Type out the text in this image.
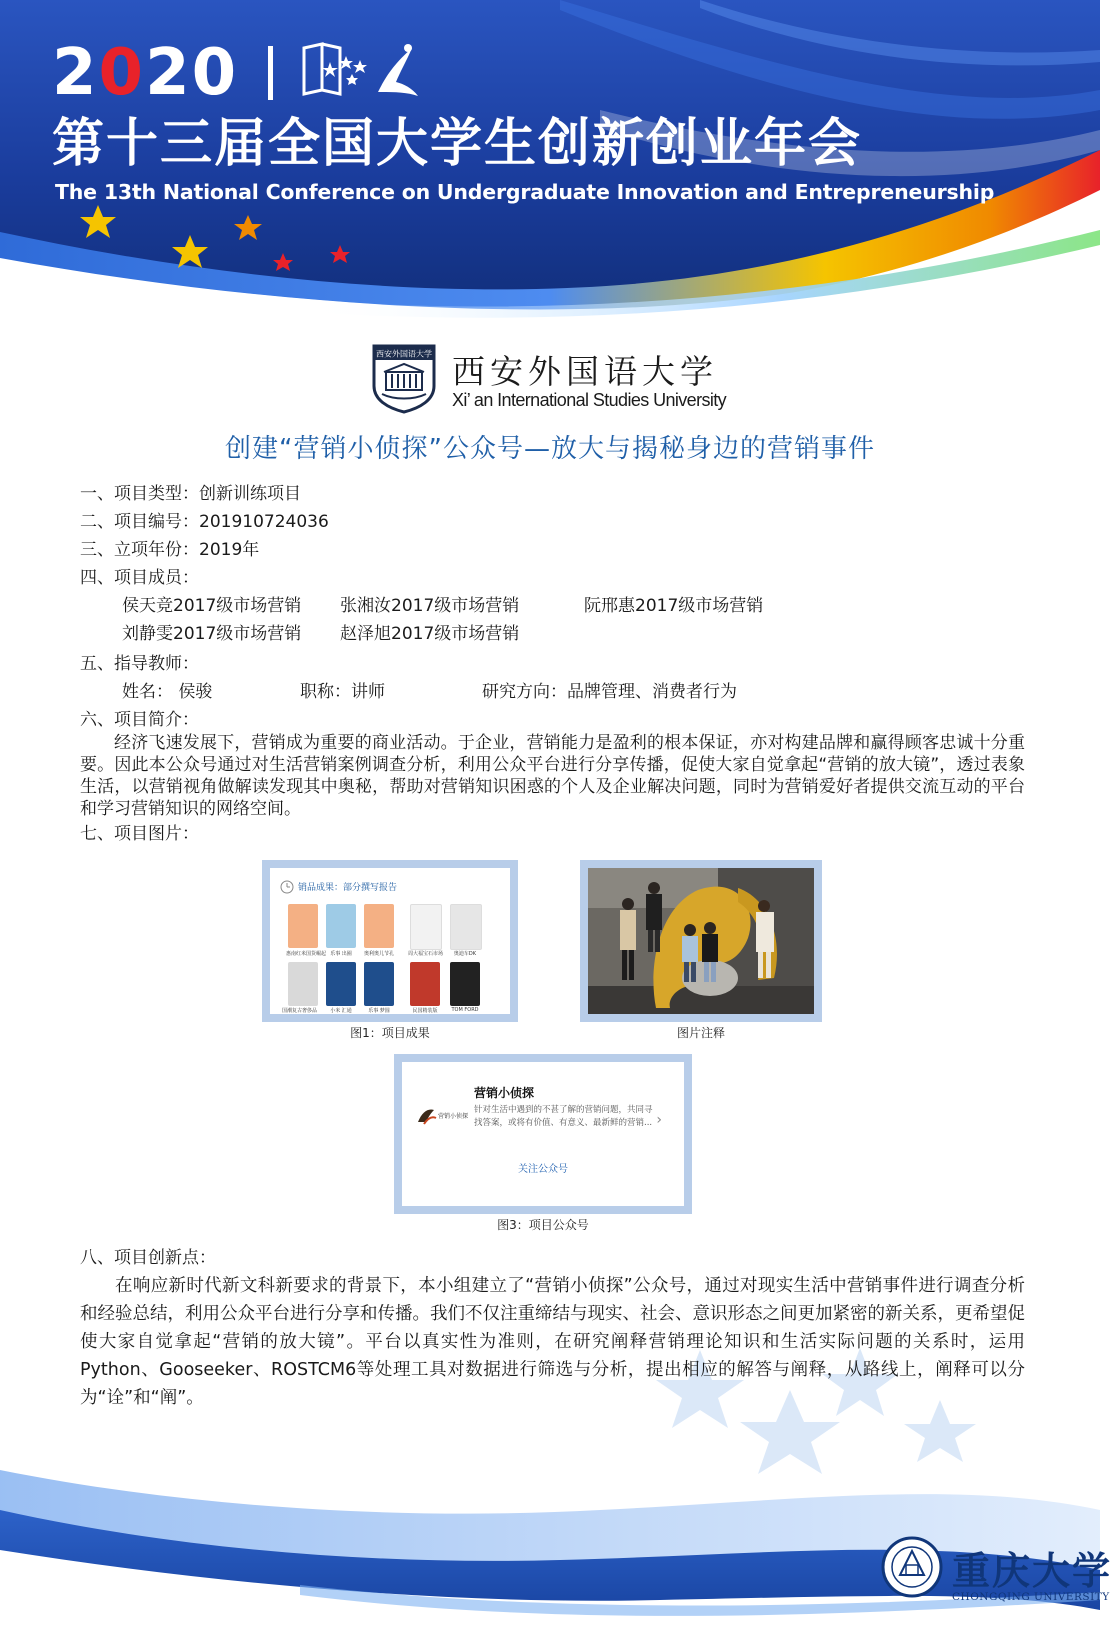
2020
第十三届全国大学生创新创业年会
The 13th National Conference on Undergraduate Innovation and Entrepreneurship
西安外国语大学 西安外国语大学
Xi’ an International Studies University
创建“营销小侦探”公众号—放大与揭秘身边的营销事件
一、项目类型：创新训练项目
二、项目编号：201910724036
三、立项年份：2019年
四、项目成员：
侯天竞2017级市场营销 张湘汝2017级市场营销	阮邢惠2017级市场营销
刘静雯2017级市场营销 赵泽旭2017级市场营销
五、指导教师：
姓名： 侯骏	职称：讲师	研究方向：品牌管理、消费者行为
六、项目简介：
经济飞速发展下，营销成为重要的商业活动。于企业，营销能力是盈利的根本保证，亦对构建品牌和赢得顾客忠诚十分重要。因此本公众号通过对生活营销案例调查分析，利用公众平台进行分享传播，促使大家自觉拿起“营销的放大镜”，透过表象生活，以营销视角做解读发现其中奥秘，帮助对营销知识困惑的个人及企业解决问题，同时为营销爱好者提供交流互动的平台和学习营销知识的网络空间。
七、项目图片：
销品成果：部分撰写报告
惠南红米国货崛起 乐事 出圈	奥利奥儿节孔	周大福宝石市场	奥迪车DK
国潮复古奢侈品	小米 汇通	乐事 梦圆	民国精装版	TOM FORD
图1：项目成果	图片注释
营销小侦探
营销小侦探
针对生活中遇到的不甚了解的营销问题，共同寻找答案，或将有价值、有意义、最新鲜的营销... ›
关注公众号
图3：项目公众号
八、项目创新点：
在响应新时代新文科新要求的背景下，本小组建立了“营销小侦探”公众号，通过对现实生活中营销事件进行调查分析和经验总结，利用公众平台进行分享和传播。我们不仅注重缔结与现实、社会、意识形态之间更加紧密的新关系，更希望促使大家自觉拿起“营销的放大镜”。平台以真实性为准则，在研究阐释营销理论知识和生活实际问题的关系时，运用Python、Gooseeker、ROSTCM6等处理工具对数据进行筛选与分析，提出相应的解答与阐释，从路线上，阐释可以分为“诠”和“阐”。
重庆大学
CHONGQING UNIVERSITY
